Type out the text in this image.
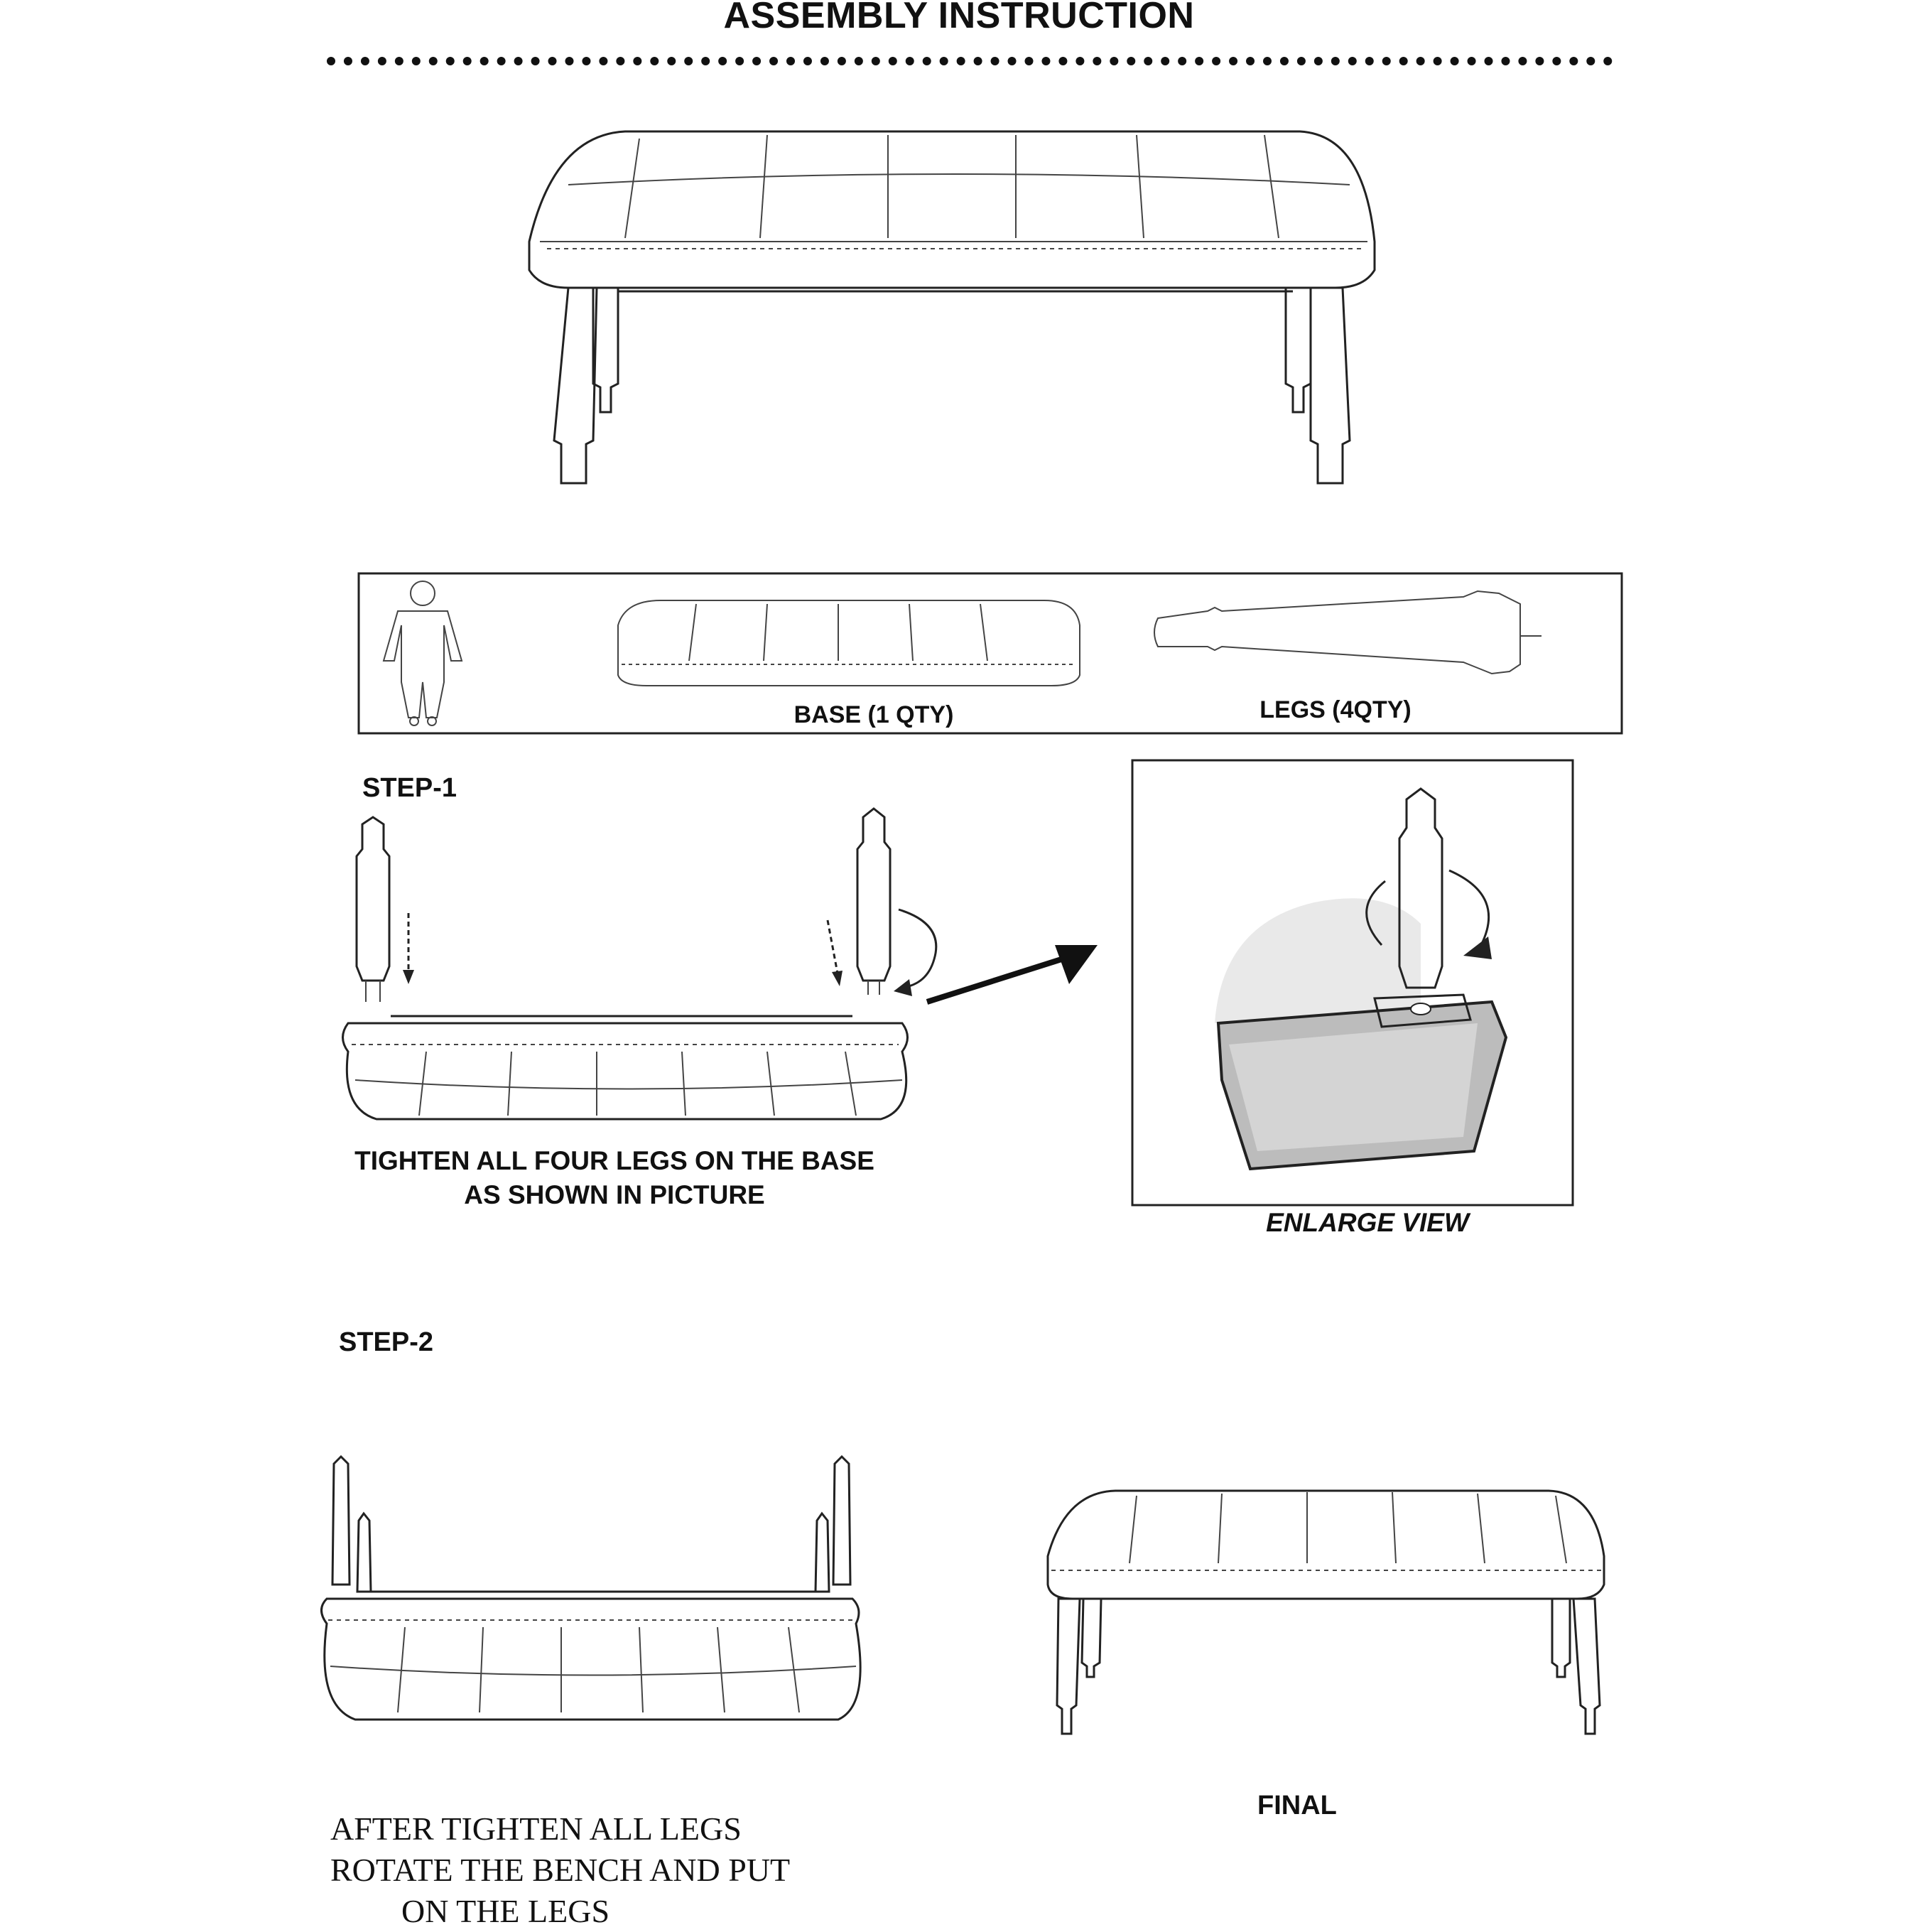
ASSEMBLY INSTRUCTION
BASE (1 QTY)	LEGS (4QTY)
STEP-1
TIGHTEN ALL FOUR LEGS ON THE BASE
AS SHOWN IN PICTURE
ENLARGE VIEW
STEP-2
AFTER TIGHTEN ALL LEGS
ROTATE THE BENCH AND PUT
ON THE LEGS
FINAL
